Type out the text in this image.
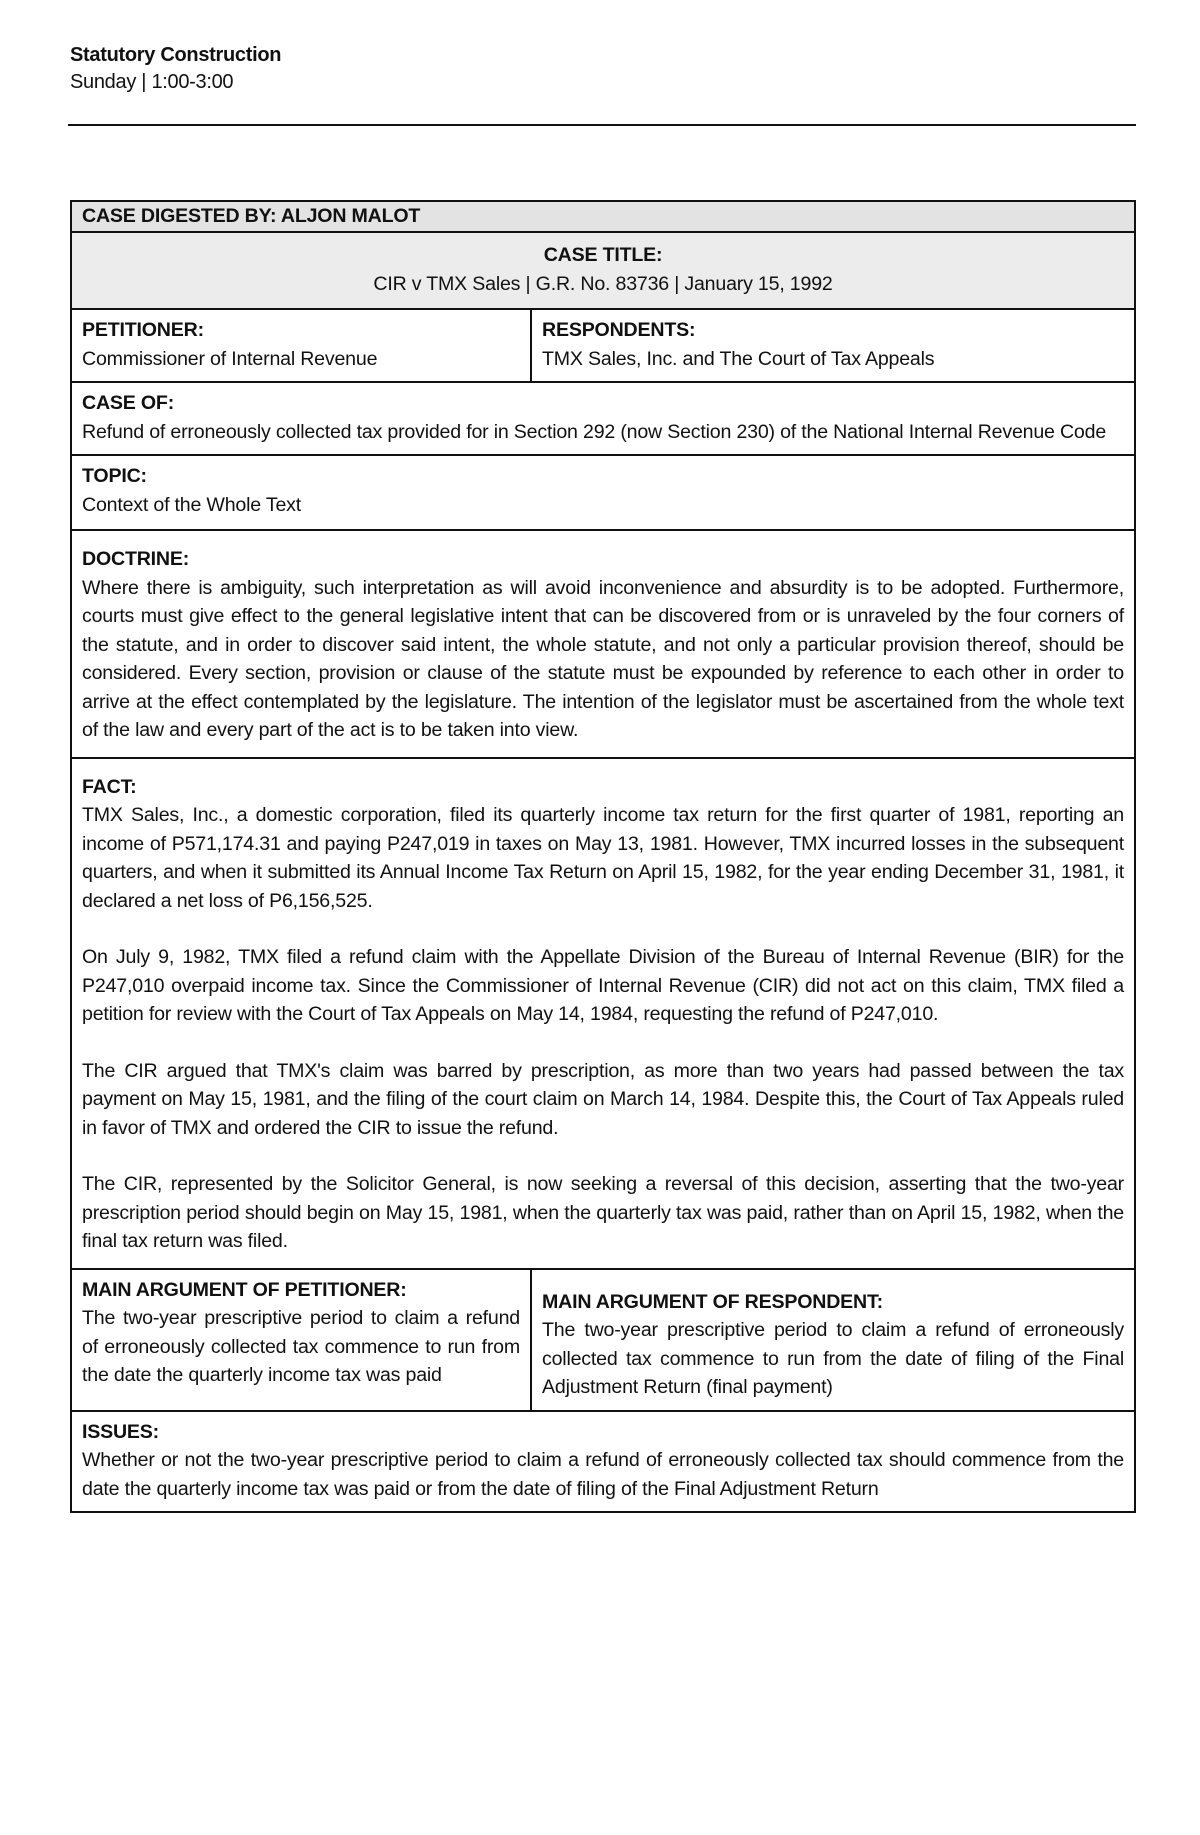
Statutory Construction
Sunday | 1:00-3:00
CASE DIGESTED BY: ALJON MALOT
CASE TITLE:
CIR v TMX Sales | G.R. No. 83736 | January 15, 1992
PETITIONER:
Commissioner of Internal Revenue
RESPONDENTS:
TMX Sales, Inc. and The Court of Tax Appeals
CASE OF:
Refund of erroneously collected tax provided for in Section 292 (now Section 230) of the National Internal Revenue Code
TOPIC:
Context of the Whole Text
DOCTRINE:
Where there is ambiguity, such interpretation as will avoid inconvenience and absurdity is to be adopted. Furthermore, courts must give effect to the general legislative intent that can be discovered from or is unraveled by the four corners of the statute, and in order to discover said intent, the whole statute, and not only a particular provision thereof, should be considered. Every section, provision or clause of the statute must be expounded by reference to each other in order to arrive at the effect contemplated by the legislature. The intention of the legislator must be ascertained from the whole text of the law and every part of the act is to be taken into view.
FACT:
TMX Sales, Inc., a domestic corporation, filed its quarterly income tax return for the first quarter of 1981, reporting an income of P571,174.31 and paying P247,019 in taxes on May 13, 1981. However, TMX incurred losses in the subsequent quarters, and when it submitted its Annual Income Tax Return on April 15, 1982, for the year ending December 31, 1981, it declared a net loss of P6,156,525.
On July 9, 1982, TMX filed a refund claim with the Appellate Division of the Bureau of Internal Revenue (BIR) for the P247,010 overpaid income tax. Since the Commissioner of Internal Revenue (CIR) did not act on this claim, TMX filed a petition for review with the Court of Tax Appeals on May 14, 1984, requesting the refund of P247,010.
The CIR argued that TMX's claim was barred by prescription, as more than two years had passed between the tax payment on May 15, 1981, and the filing of the court claim on March 14, 1984. Despite this, the Court of Tax Appeals ruled in favor of TMX and ordered the CIR to issue the refund.
The CIR, represented by the Solicitor General, is now seeking a reversal of this decision, asserting that the two-year prescription period should begin on May 15, 1981, when the quarterly tax was paid, rather than on April 15, 1982, when the final tax return was filed.
MAIN ARGUMENT OF PETITIONER:
The two-year prescriptive period to claim a refund of erroneously collected tax commence to run from the date the quarterly income tax was paid
MAIN ARGUMENT OF RESPONDENT:
The two-year prescriptive period to claim a refund of erroneously collected tax commence to run from the date of filing of the Final Adjustment Return (final payment)
ISSUES:
Whether or not the two-year prescriptive period to claim a refund of erroneously collected tax should commence from the date the quarterly income tax was paid or from the date of filing of the Final Adjustment Return
